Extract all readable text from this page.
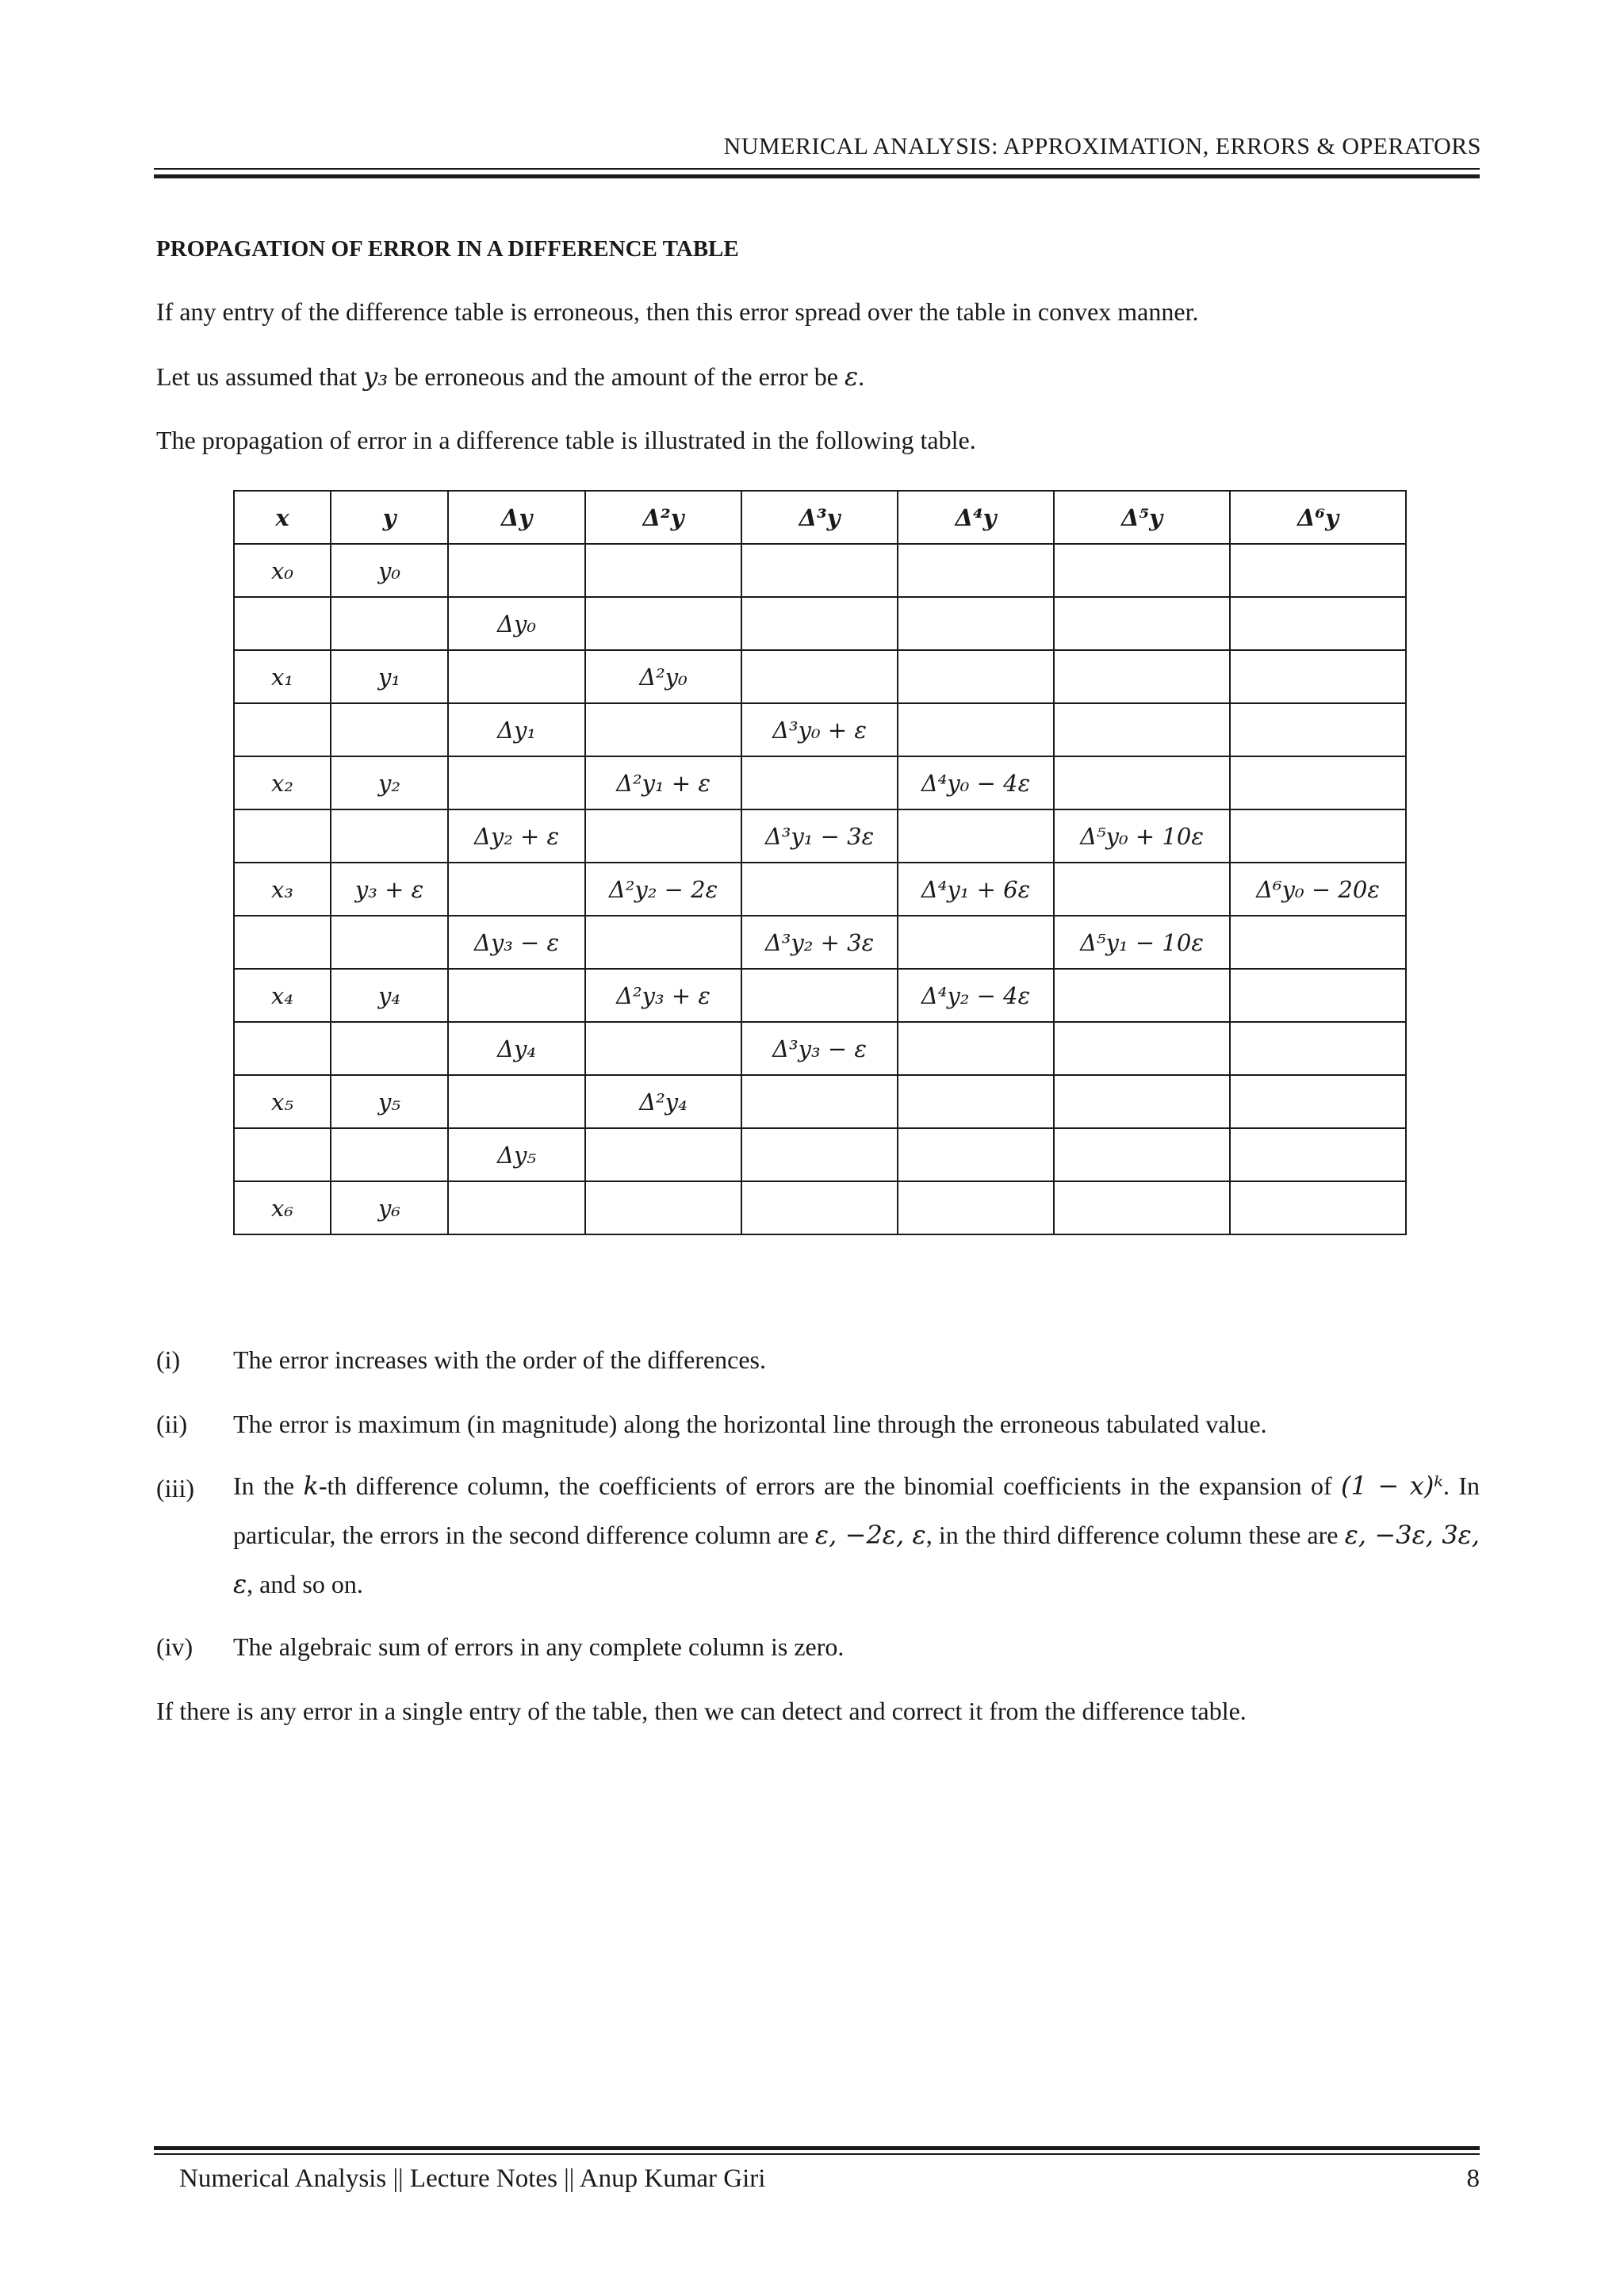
NUMERICAL ANALYSIS: APPROXIMATION, ERRORS & OPERATORS
PROPAGATION OF ERROR IN A DIFFERENCE TABLE
If any entry of the difference table is erroneous, then this error spread over the table in convex manner.
Let us assumed that y₃ be erroneous and the amount of the error be ε.
The propagation of error in a difference table is illustrated in the following table.
x	y	Δy	Δ²y	Δ³y	Δ⁴y	Δ⁵y	Δ⁶y
x₀	y₀						
		Δy₀					
x₁	y₁		Δ²y₀				
		Δy₁		Δ³y₀ + ε			
x₂	y₂		Δ²y₁ + ε		Δ⁴y₀ − 4ε		
		Δy₂ + ε		Δ³y₁ − 3ε		Δ⁵y₀ + 10ε	
x₃	y₃ + ε		Δ²y₂ − 2ε		Δ⁴y₁ + 6ε		Δ⁶y₀ − 20ε
		Δy₃ − ε		Δ³y₂ + 3ε		Δ⁵y₁ − 10ε	
x₄	y₄		Δ²y₃ + ε		Δ⁴y₂ − 4ε		
		Δy₄		Δ³y₃ − ε			
x₅	y₅		Δ²y₄				
		Δy₅					
x₆	y₆						
(i) The error increases with the order of the differences.
(ii) The error is maximum (in magnitude) along the horizontal line through the erroneous tabulated value.
(iii) In the k-th difference column, the coefficients of errors are the binomial coefficients in the expansion of (1 − x)ᵏ. In particular, the errors in the second difference column are ε, −2ε, ε, in the third difference column these are ε, −3ε, 3ε, ε, and so on.
(iv) The algebraic sum of errors in any complete column is zero.
If there is any error in a single entry of the table, then we can detect and correct it from the difference table.
Numerical Analysis || Lecture Notes || Anup Kumar Giri	8
